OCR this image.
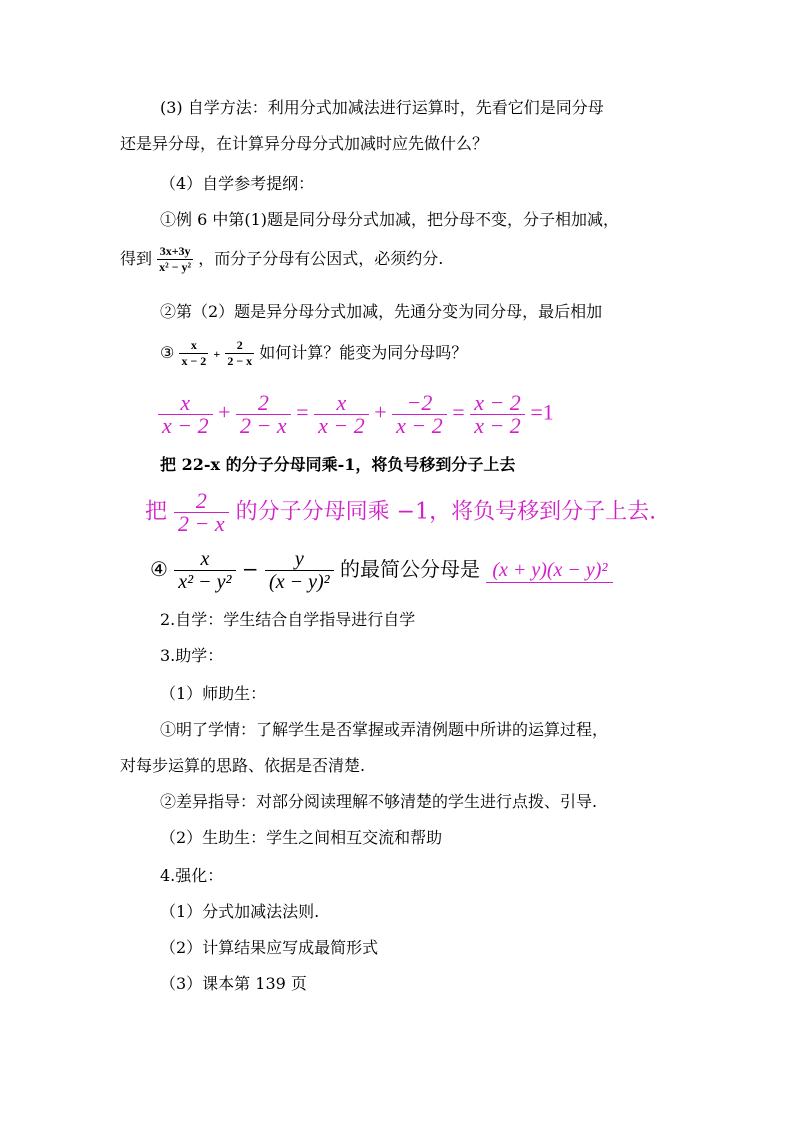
(3) 自学方法：利用分式加减法进行运算时，先看它们是同分母
还是异分母，在计算异分母分式加减时应先做什么？
（4）自学参考提纲：
①例 6 中第(1)题是同分母分式加减，把分母不变，分子相加减，
得到 $\frac{3x+3y}{\text{x² − y²}}$ ，而分子分母有公因式，必须约分.
②第（2）题是异分母分式加减，先通分变为同分母，最后相加
③ $\frac{x}{x - 2} + \frac{2}{2 - x}$ 如何计算？能变为同分母吗？
$\frac{x}{x - 2} + \frac{2}{2 - x} = \frac{x}{x - 2} + \frac{-2}{x - 2} = \frac{x - 2}{x - 2} =1$
把 22-x 的分子分母同乘-1，将负号移到分子上去
把 $\frac{2}{2 - x}$ 的分子分母同乘 −1，将负号移到分子上去.
④ $\frac{x}{\text{x² − y²}} - \frac{y}{\text{(x − y)²}}$ 的最简公分母是 (x + y)(x − y)²
2.自学：学生结合自学指导进行自学
3.助学：
（1）师助生：
①明了学情：了解学生是否掌握或弄清例题中所讲的运算过程，
对每步运算的思路、依据是否清楚.
②差异指导：对部分阅读理解不够清楚的学生进行点拨、引导.
（2）生助生：学生之间相互交流和帮助
4.强化：
（1）分式加减法法则.
（2）计算结果应写成最简形式
（3）课本第 139 页
